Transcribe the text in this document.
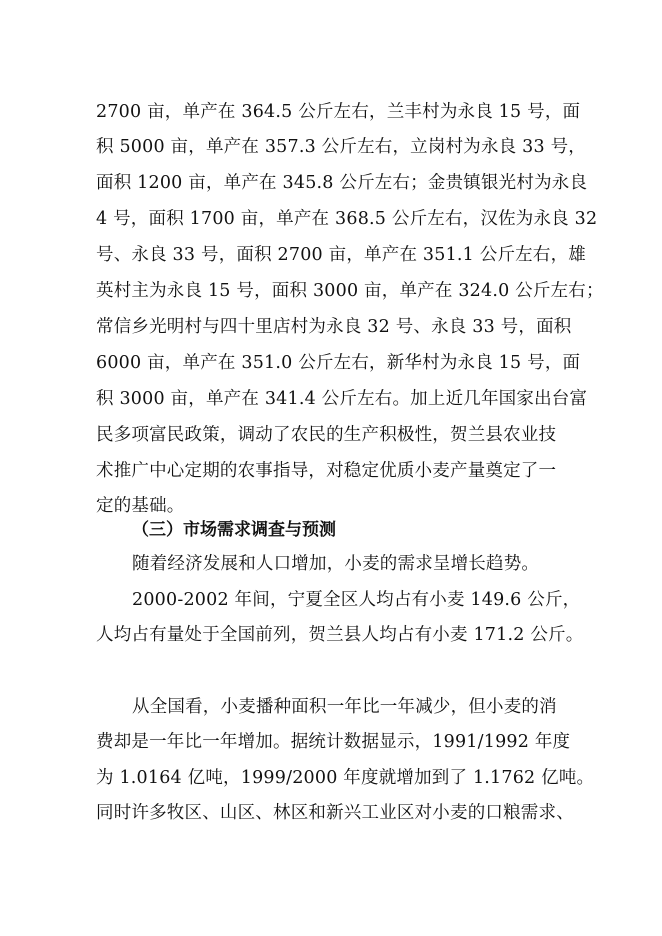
2700 亩，单产在 364.5 公斤左右，兰丰村为永良 15 号，面
积 5000 亩，单产在 357.3 公斤左右，立岗村为永良 33 号，
面积 1200 亩，单产在 345.8 公斤左右；金贵镇银光村为永良
4 号，面积 1700 亩，单产在 368.5 公斤左右，汉佐为永良 32
号、永良 33 号，面积 2700 亩，单产在 351.1 公斤左右，雄
英村主为永良 15 号，面积 3000 亩，单产在 324.0 公斤左右；
常信乡光明村与四十里店村为永良 32 号、永良 33 号，面积
6000 亩，单产在 351.0 公斤左右，新华村为永良 15 号，面
积 3000 亩，单产在 341.4 公斤左右。加上近几年国家出台富
民多项富民政策，调动了农民的生产积极性，贺兰县农业技
术推广中心定期的农事指导，对稳定优质小麦产量奠定了一
定的基础。
（三）市场需求调查与预测
随着经济发展和人口增加，小麦的需求呈增长趋势。
2000-2002 年间，宁夏全区人均占有小麦 149.6 公斤，
人均占有量处于全国前列，贺兰县人均占有小麦 171.2 公斤。
从全国看，小麦播种面积一年比一年减少，但小麦的消
费却是一年比一年增加。据统计数据显示，1991/1992 年度
为 1.0164 亿吨，1999/2000 年度就增加到了 1.1762 亿吨。
同时许多牧区、山区、林区和新兴工业区对小麦的口粮需求、
